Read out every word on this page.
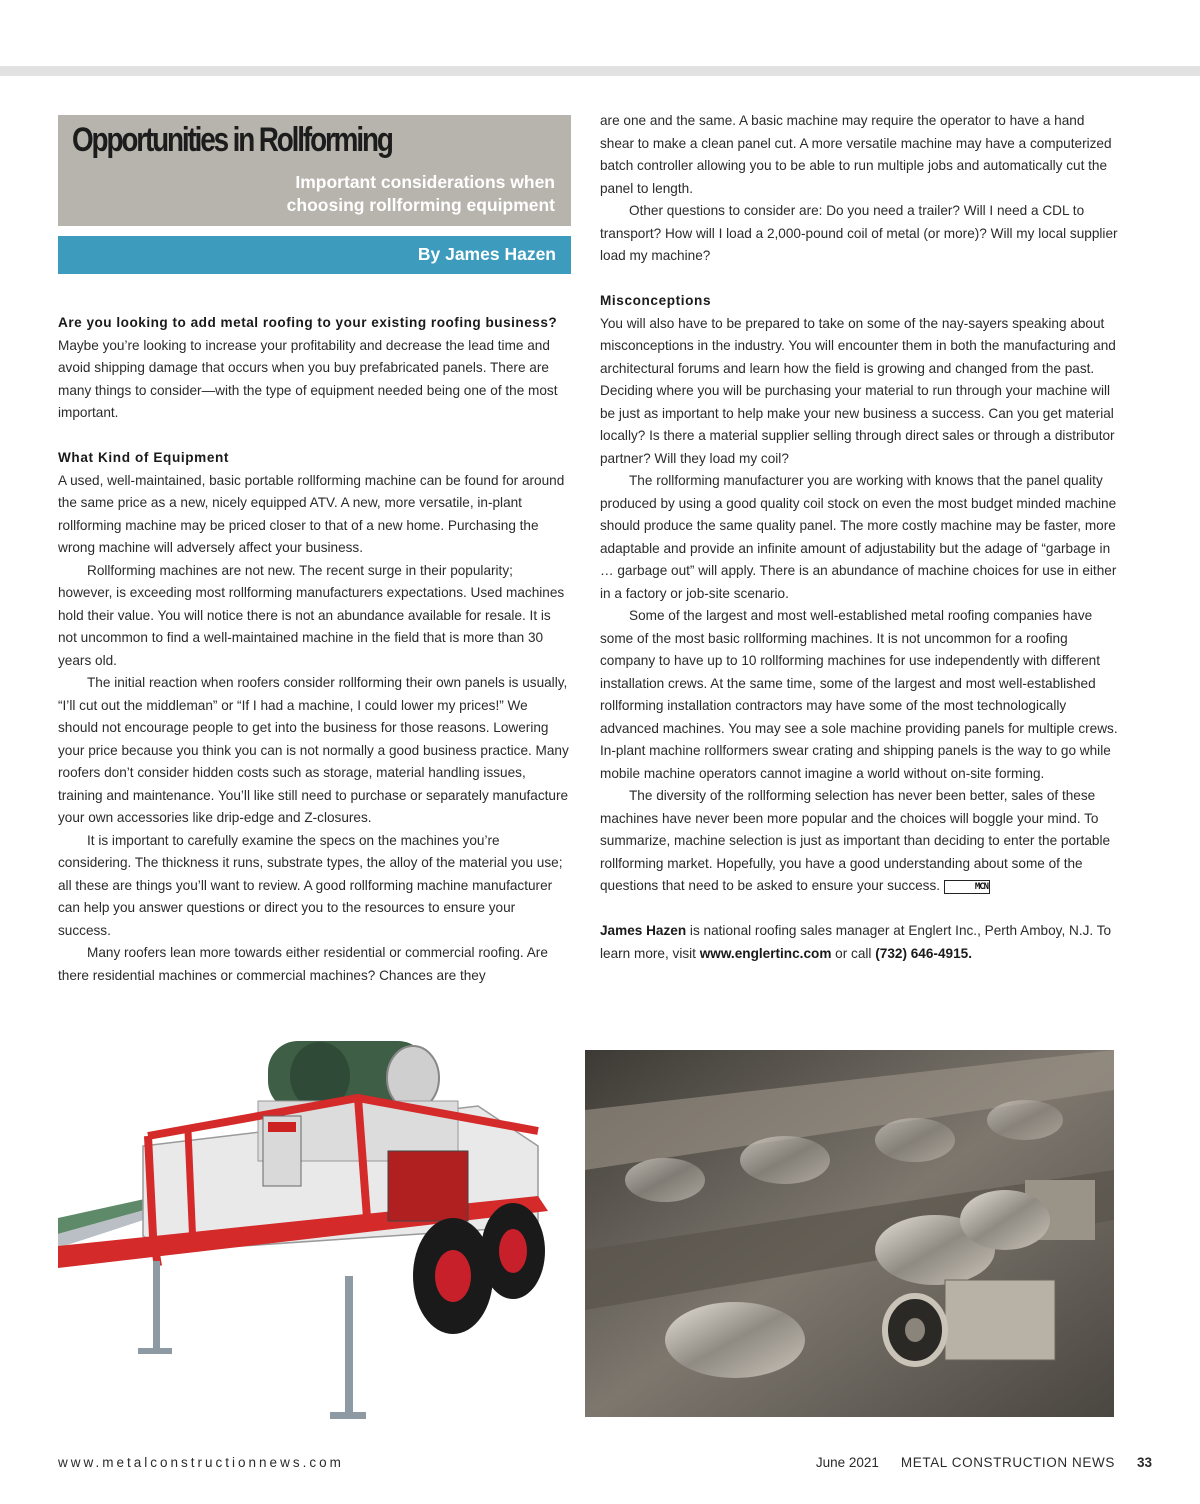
Opportunities in Rollforming
Important considerations when
choosing rollforming equipment
By James Hazen

Are you looking to add metal roofing to your existing roofing business? Maybe you’re looking to increase your profitability and decrease the lead time and avoid shipping damage that occurs when you buy prefabricated panels. There are many things to consider—with the type of equipment needed being one of the most important.

What Kind of Equipment

A used, well-maintained, basic portable rollforming machine can be found for around the same price as a new, nicely equipped ATV. A new, more versatile, in-plant rollforming machine may be priced closer to that of a new home. Purchasing the wrong machine will adversely affect your business.

Rollforming machines are not new. The recent surge in their popularity; however, is exceeding most rollforming manufacturers expectations. Used machines hold their value. You will notice there is not an abundance available for resale. It is not uncommon to find a well-maintained machine in the field that is more than 30 years old.

The initial reaction when roofers consider rollforming their own panels is usually, “I’ll cut out the middleman” or “If I had a machine, I could lower my prices!” We should not encourage people to get into the business for those reasons. Lowering your price because you think you can is not normally a good business practice. Many roofers don’t consider hidden costs such as storage, material handling issues, training and maintenance. You’ll like still need to purchase or separately manufacture your own accessories like drip-edge and Z-closures.

It is important to carefully examine the specs on the machines you’re considering. The thickness it runs, substrate types, the alloy of the material you use; all these are things you’ll want to review. A good rollforming machine manufacturer can help you answer questions or direct you to the resources to ensure your success.

Many roofers lean more towards either residential or commercial roofing. Are there residential machines or commercial machines? Chances are they

are one and the same. A basic machine may require the operator to have a hand shear to make a clean panel cut. A more versatile machine may have a computerized batch controller allowing you to be able to run multiple jobs and automatically cut the panel to length.

Other questions to consider are: Do you need a trailer? Will I need a CDL to transport? How will I load a 2,000-pound coil of metal (or more)? Will my local supplier load my machine?

Misconceptions

You will also have to be prepared to take on some of the nay-sayers speaking about misconceptions in the industry. You will encounter them in both the manufacturing and architectural forums and learn how the field is growing and changed from the past. Deciding where you will be purchasing your material to run through your machine will be just as important to help make your new business a success. Can you get material locally? Is there a material supplier selling through direct sales or through a distributor partner? Will they load my coil?

The rollforming manufacturer you are working with knows that the panel quality produced by using a good quality coil stock on even the most budget minded machine should produce the same quality panel. The more costly machine may be faster, more adaptable and provide an infinite amount of adjustability but the adage of “garbage in … garbage out” will apply. There is an abundance of machine choices for use in either in a factory or job-site scenario.

Some of the largest and most well-established metal roofing companies have some of the most basic rollforming machines. It is not uncommon for a roofing company to have up to 10 rollforming machines for use independently with different installation crews. At the same time, some of the largest and most well-established rollforming installation contractors may have some of the most technologically advanced machines. You may see a sole machine providing panels for multiple crews. In-plant machine rollformers swear crating and shipping panels is the way to go while mobile machine operators cannot imagine a world without on-site forming.

The diversity of the rollforming selection has never been better, sales of these machines have never been more popular and the choices will boggle your mind. To summarize, machine selection is just as important than deciding to enter the portable rollforming market. Hopefully, you have a good understanding about some of the questions that need to be asked to ensure your success.	MCN

James Hazen is national roofing sales manager at Englert Inc., Perth Amboy, N.J. To learn more, visit www.englertinc.com or call (732) 646-4915.

www.metalconstructionnews.com	June 2021 METAL CONSTRUCTION NEWS 33
